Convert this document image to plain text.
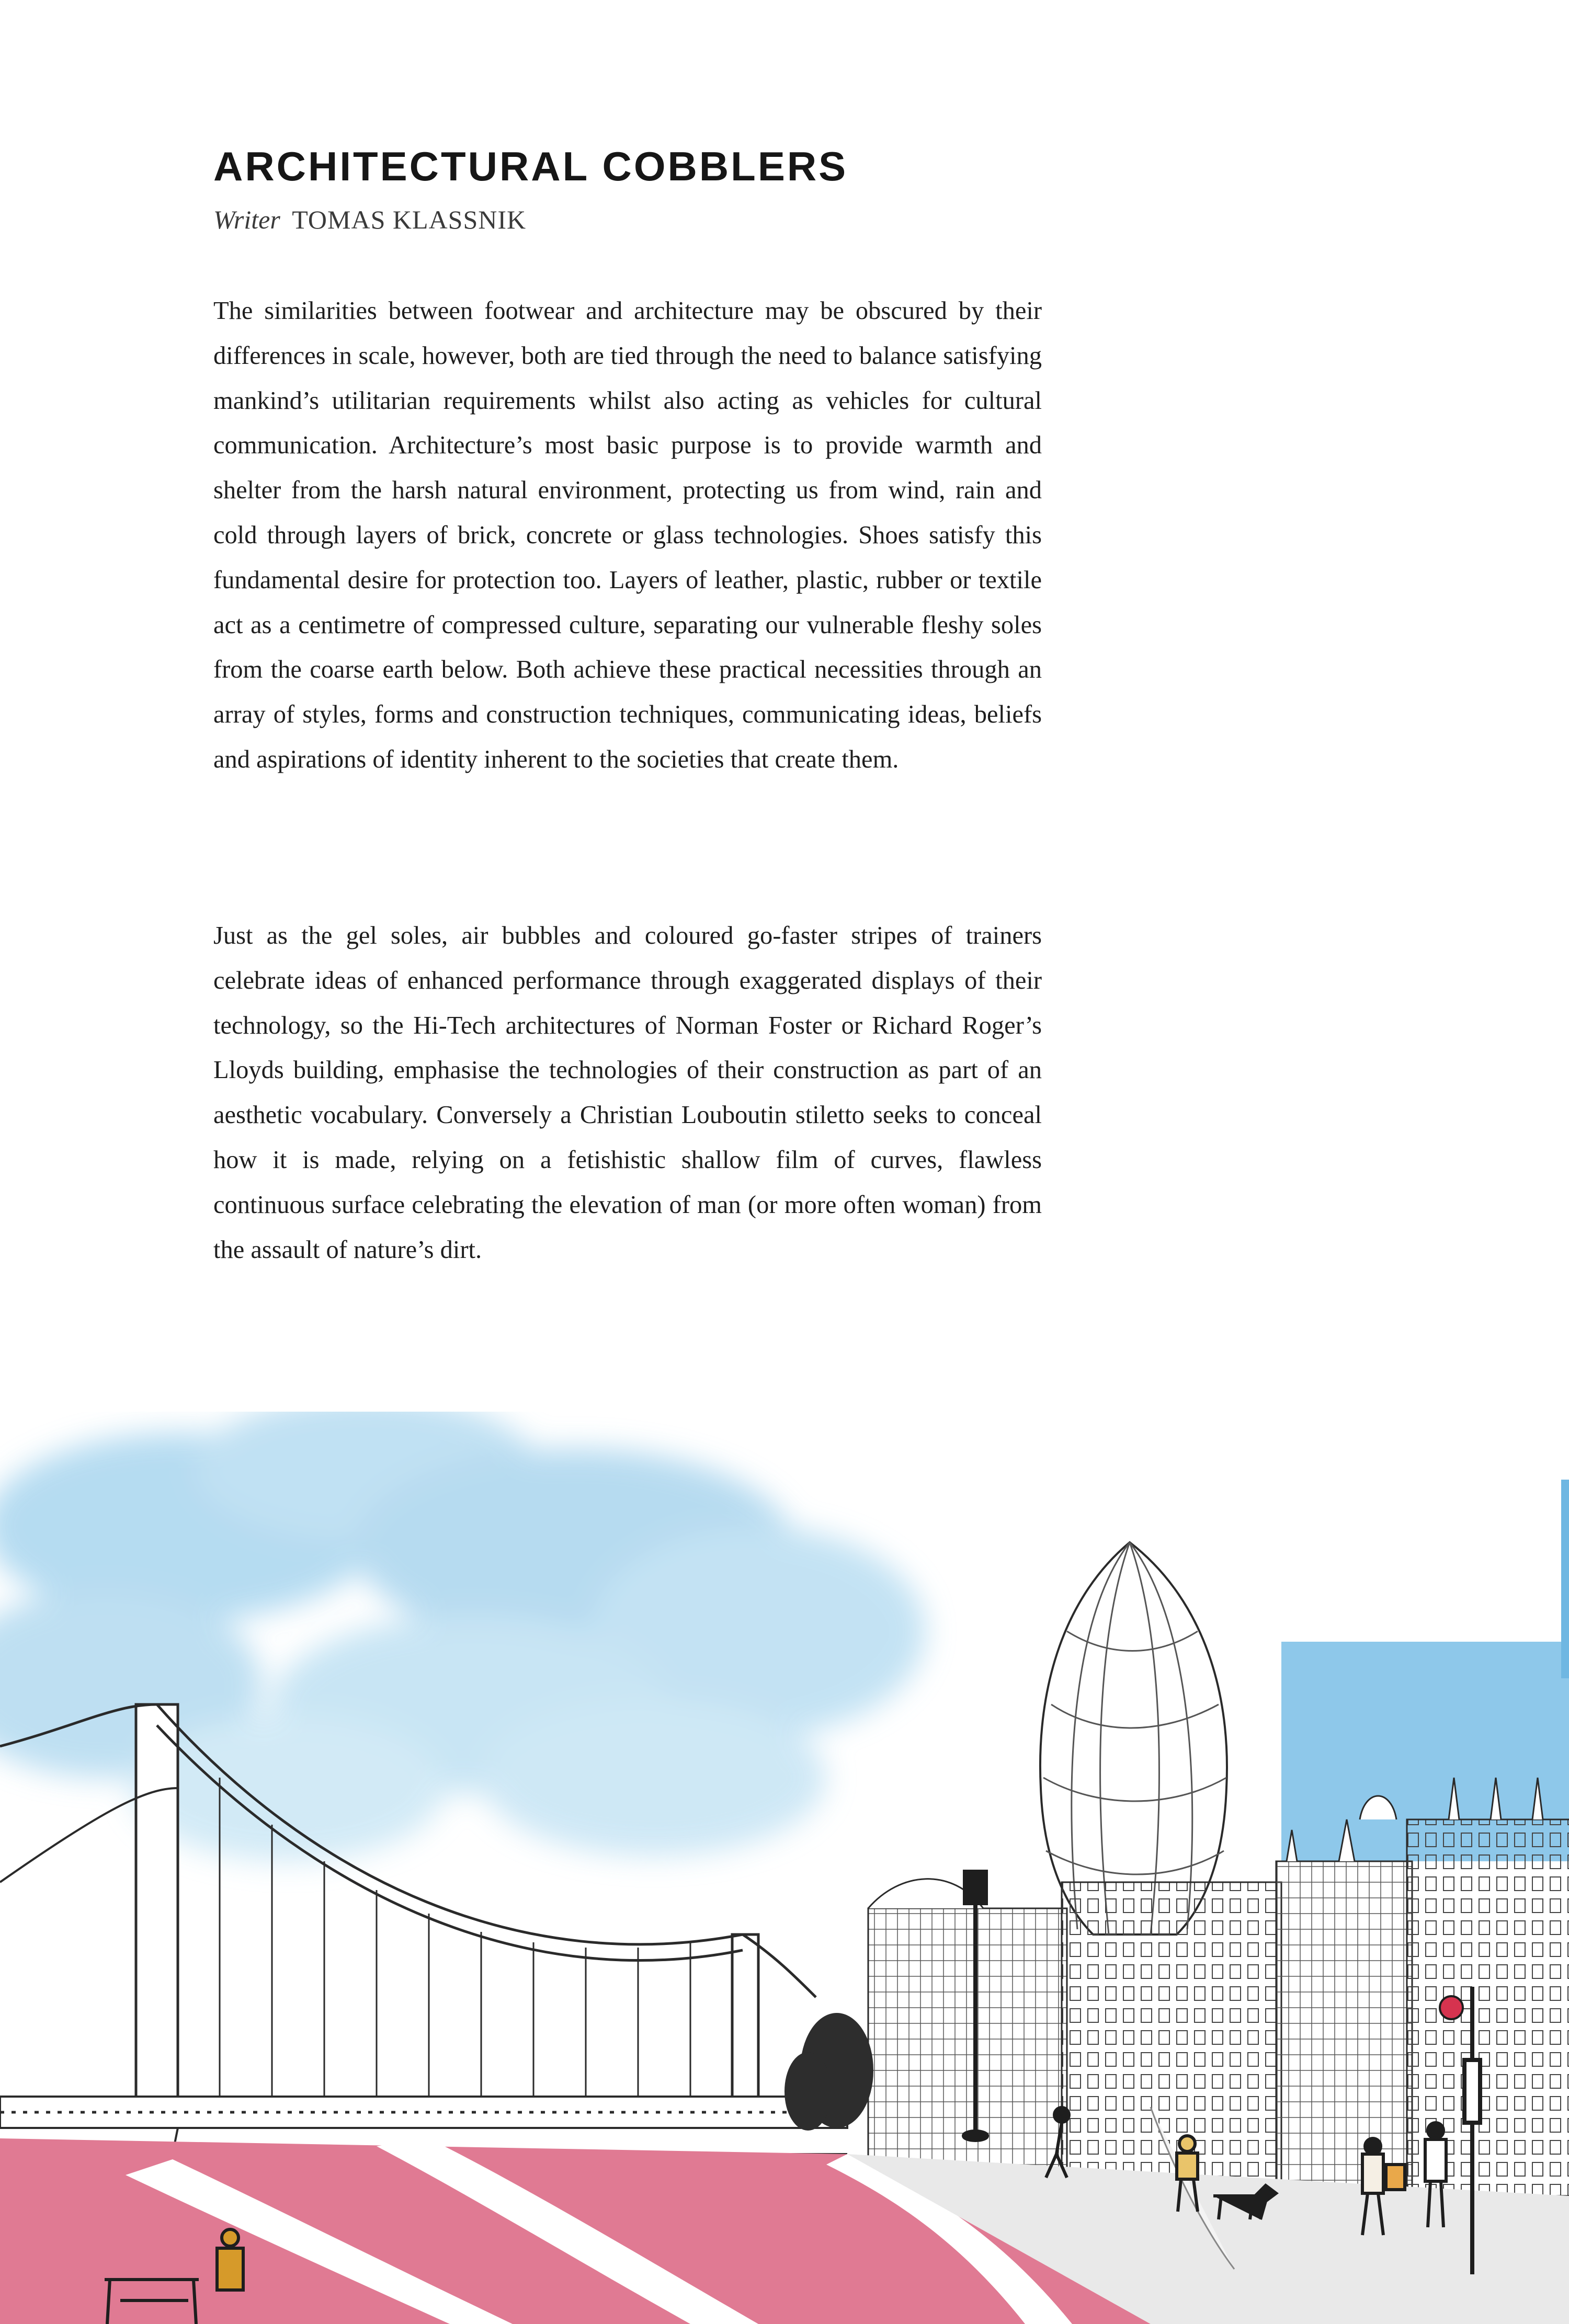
ARCHITECTURAL COBBLERS
Writer TOMAS KLASSNIK

The similarities between footwear and architecture may be obscured by their differences in scale, however, both are tied through the need to balance satisfying mankind’s utilitarian requirements whilst also acting as vehicles for cultural communication. Architecture’s most basic purpose is to provide warmth and shelter from the harsh natural environment, protecting us from wind, rain and cold through layers of brick, concrete or glass technologies. Shoes satisfy this fundamental desire for protection too. Layers of leather, plastic, rubber or textile act as a centimetre of compressed culture, separating our vulnerable fleshy soles from the coarse earth below. Both achieve these practical necessities through an array of styles, forms and construction techniques, communicating ideas, beliefs and aspirations of identity inherent to the societies that create them.

Just as the gel soles, air bubbles and coloured go-faster stripes of trainers celebrate ideas of enhanced performance through exaggerated displays of their technology, so the Hi-Tech architectures of Norman Foster or Richard Roger’s Lloyds building, emphasise the technologies of their construction as part of an aesthetic vocabulary. Conversely a Christian Louboutin stiletto seeks to conceal how it is made, relying on a fetishistic shallow film of curves, flawless continuous surface celebrating the elevation of man (or more often woman) from the assault of nature’s dirt.
